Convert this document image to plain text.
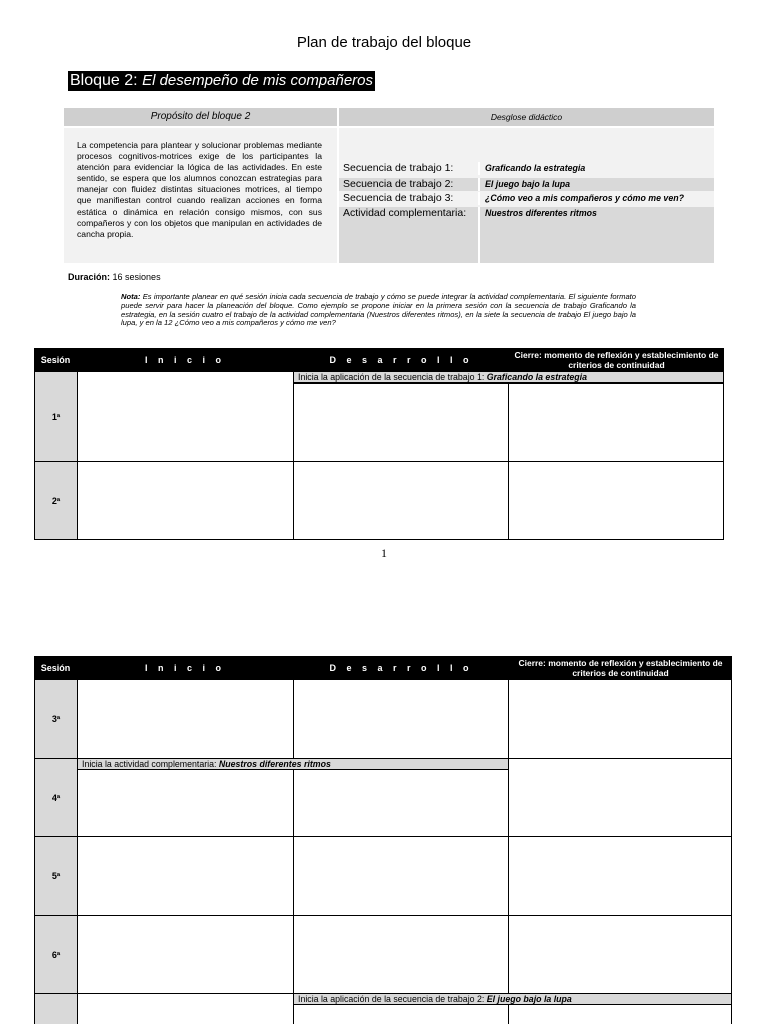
Plan de trabajo del bloque
Bloque 2: El desempeño de mis compañeros
Propósito del bloque 2	Desglose didáctico
La competencia para plantear y solucionar problemas mediante procesos cognitivos-motrices exige de los participantes la atención para evidenciar la lógica de las actividades. En este sentido, se espera que los alumnos conozcan estrategias para manejar con fluidez distintas situaciones motrices, al tiempo que manifiestan control cuando realizan acciones en forma estática o dinámica en relación consigo mismos, con sus compañeros y con los objetos que manipulan en actividades de cancha propia.
Secuencia de trabajo 1:	Graficando la estrategia
Secuencia de trabajo 2:	El juego bajo la lupa
Secuencia de trabajo 3:	¿Cómo veo a mis compañeros y cómo me ven?
Actividad complementaria: Nuestros diferentes ritmos
Duración: 16 sesiones
Nota: Es importante planear en qué sesión inicia cada secuencia de trabajo y cómo se puede integrar la actividad complementaria. El siguiente formato puede servir para hacer la planeación del bloque. Como ejemplo se propone iniciar en la primera sesión con la secuencia de trabajo Graficando la estrategia, en la sesión cuatro el trabajo de la actividad complementaria (Nuestros diferentes ritmos), en la siete la secuencia de trabajo El juego bajo la lupa, y en la 12 ¿Cómo veo a mis compañeros y cómo me ven?
Sesión	I n i c i o	D e s a r r o l l o	Cierre: momento de reflexión y establecimiento de criterios de continuidad
Inicia la aplicación de la secuencia de trabajo 1: Graficando la estrategia
1ª
2ª
1
Sesión	I n i c i o	D e s a r r o l l o	Cierre: momento de reflexión y establecimiento de criterios de continuidad
3ª
4ª
Inicia la actividad complementaria: Nuestros diferentes ritmos
5ª
6ª
Inicia la aplicación de la secuencia de trabajo 2: El juego bajo la lupa
